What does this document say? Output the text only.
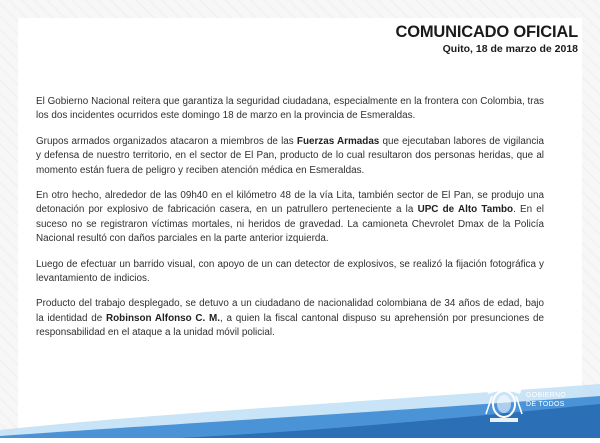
COMUNICADO OFICIAL
Quito, 18 de marzo de 2018

El Gobierno Nacional reitera que garantiza la seguridad ciudadana, especialmente en la frontera con Colombia, tras los dos incidentes ocurridos este domingo 18 de marzo en la provincia de Esmeraldas.

Grupos armados organizados atacaron a miembros de las Fuerzas Armadas que ejecutaban labores de vigilancia y defensa de nuestro territorio, en el sector de El Pan, producto de lo cual resultaron dos personas heridas, que al momento están fuera de peligro y reciben atención médica en Esmeraldas.

En otro hecho, alrededor de las 09h40 en el kilómetro 48 de la vía Lita, también sector de El Pan, se produjo una detonación por explosivo de fabricación casera, en un patrullero perteneciente a la UPC de Alto Tambo. En el suceso no se registraron víctimas mortales, ni heridos de gravedad. La camioneta Chevrolet Dmax de la Policía Nacional resultó con daños parciales en la parte anterior izquierda.

Luego de efectuar un barrido visual, con apoyo de un can detector de explosivos, se realizó la fijación fotográfica y levantamiento de indicios.

Producto del trabajo desplegado, se detuvo a un ciudadano de nacionalidad colombiana de 34 años de edad, bajo la identidad de Robinson Alfonso C. M., a quien la fiscal cantonal dispuso su aprehensión por presunciones de responsabilidad en el ataque a la unidad móvil policial.

EL
GOBIERNO
DE TODOS
